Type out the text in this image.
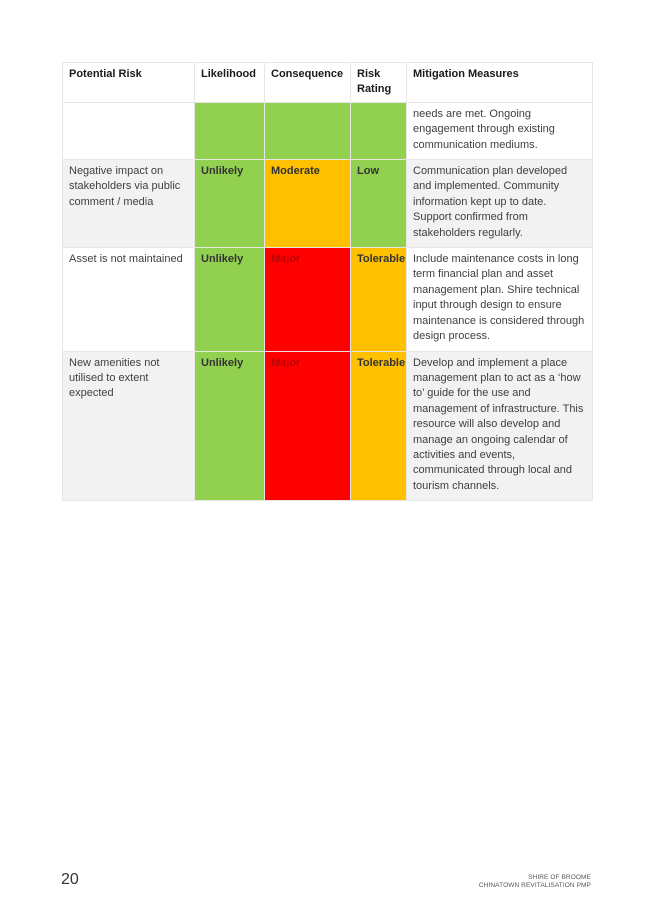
Potential Risk	Likelihood	Consequence	Risk Rating	Mitigation Measures
				needs are met. Ongoing engagement through existing communication mediums.
Negative impact on stakeholders via public comment / media	Unlikely	Moderate	Low	Communication plan developed and implemented. Community information kept up to date. Support confirmed from stakeholders regularly.
Asset is not maintained	Unlikely	Major	Tolerable	Include maintenance costs in long term financial plan and asset management plan. Shire technical input through design to ensure maintenance is considered through design process.
New amenities not utilised to extent expected	Unlikely	Major	Tolerable	Develop and implement a place management plan to act as a ‘how to’ guide for the use and management of infrastructure. This resource will also develop and manage an ongoing calendar of activities and events, communicated through local and tourism channels.
20	SHIRE OF BROOME
CHINATOWN REVITALISATION PMP
